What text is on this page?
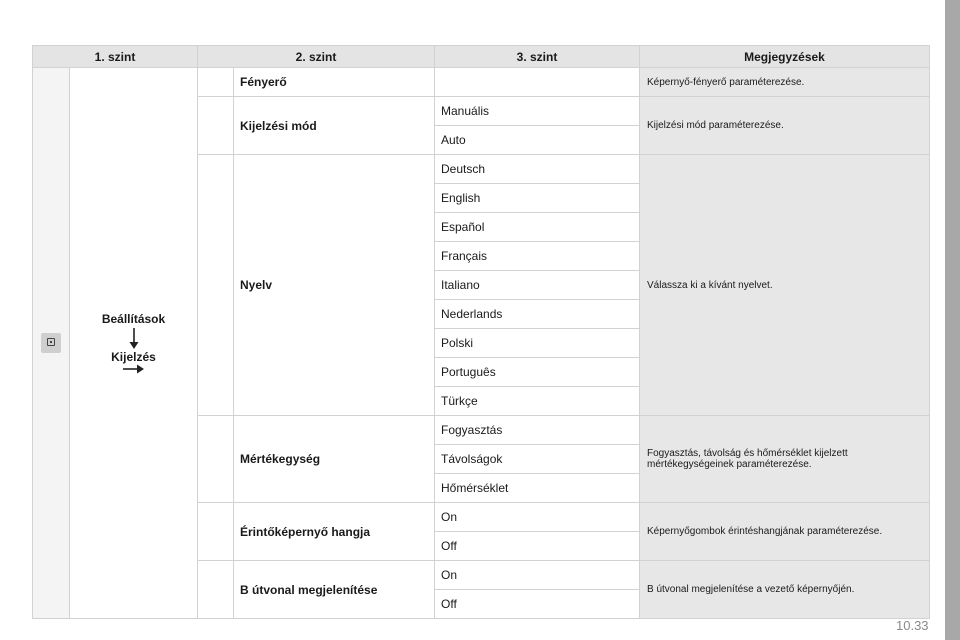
1. szint		2. szint		3. szint	Megjegyzések

	Beállítások
Kijelzés		Fényerő		Képernyő-fényerő paraméterezése.
			Kijelzési mód	Manuális	Kijelzési mód paraméterezése.
				Auto	
			Nyelv	Deutsch	Válassza ki a kívánt nyelvet.
				English	
				Español	
				Français	
				Italiano	
				Nederlands	
				Polski	
				Português	
				Türkçe	
			Mértékegység	Fogyasztás	Fogyasztás, távolság és hőmérséklet kijelzett mértékegységeinek paraméterezése.
				Távolságok	
				Hőmérséklet	
			Érintőképernyő hangja	On	Képernyőgombok érintéshangjának paraméterezése.
				Off	
			B útvonal megjelenítése	On	B útvonal megjelenítése a vezető képernyőjén.
				Off	
10.33
